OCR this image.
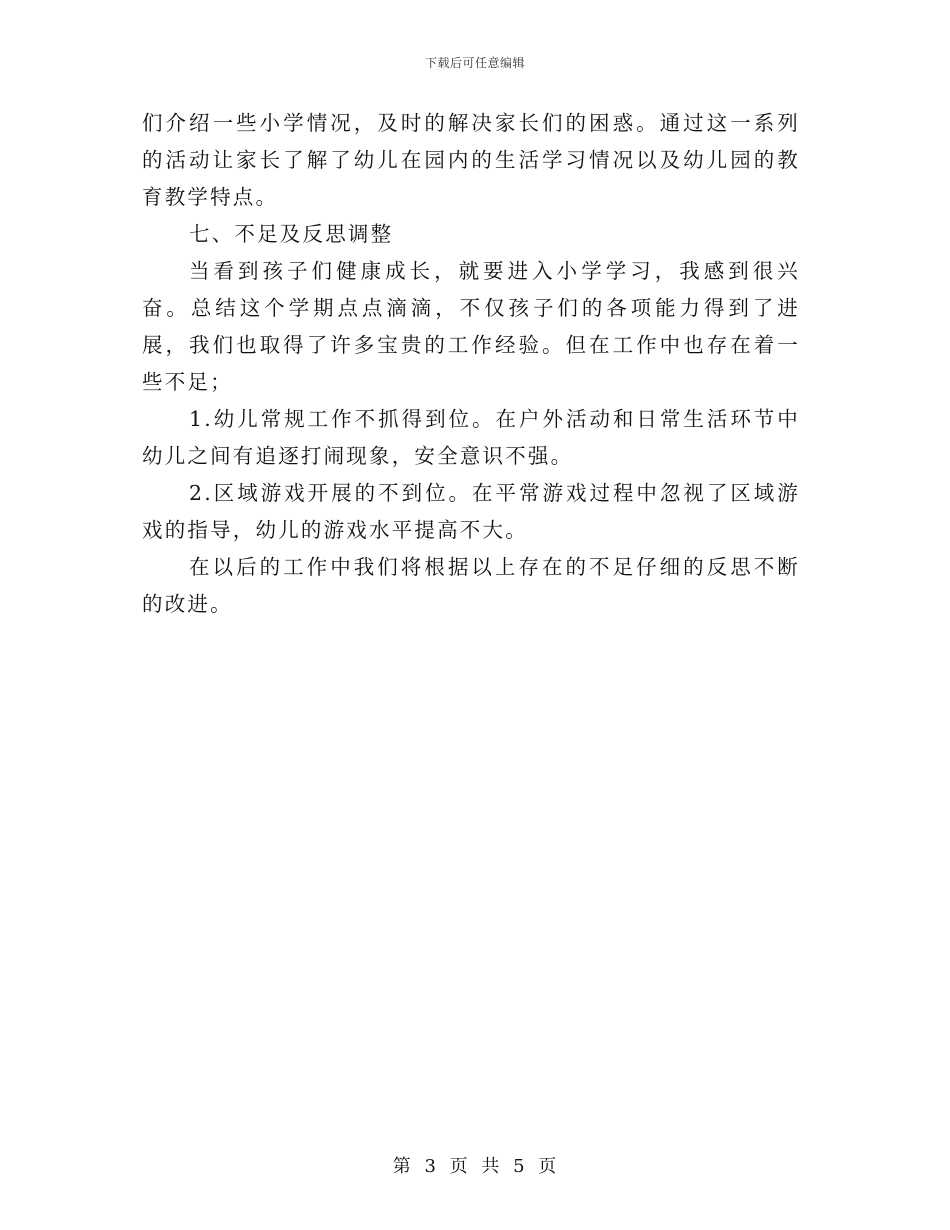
下载后可任意编辑

们介绍一些小学情况，及时的解决家长们的困惑。通过这一系列的活动让家长了解了幼儿在园内的生活学习情况以及幼儿园的教育教学特点。

七、不足及反思调整

当看到孩子们健康成长，就要进入小学学习，我感到很兴奋。总结这个学期点点滴滴，不仅孩子们的各项能力得到了进展，我们也取得了许多宝贵的工作经验。但在工作中也存在着一些不足；

1.幼儿常规工作不抓得到位。在户外活动和日常生活环节中幼儿之间有追逐打闹现象，安全意识不强。

2.区域游戏开展的不到位。在平常游戏过程中忽视了区域游戏的指导，幼儿的游戏水平提高不大。

在以后的工作中我们将根据以上存在的不足仔细的反思不断的改进。

第 3 页 共 5 页
